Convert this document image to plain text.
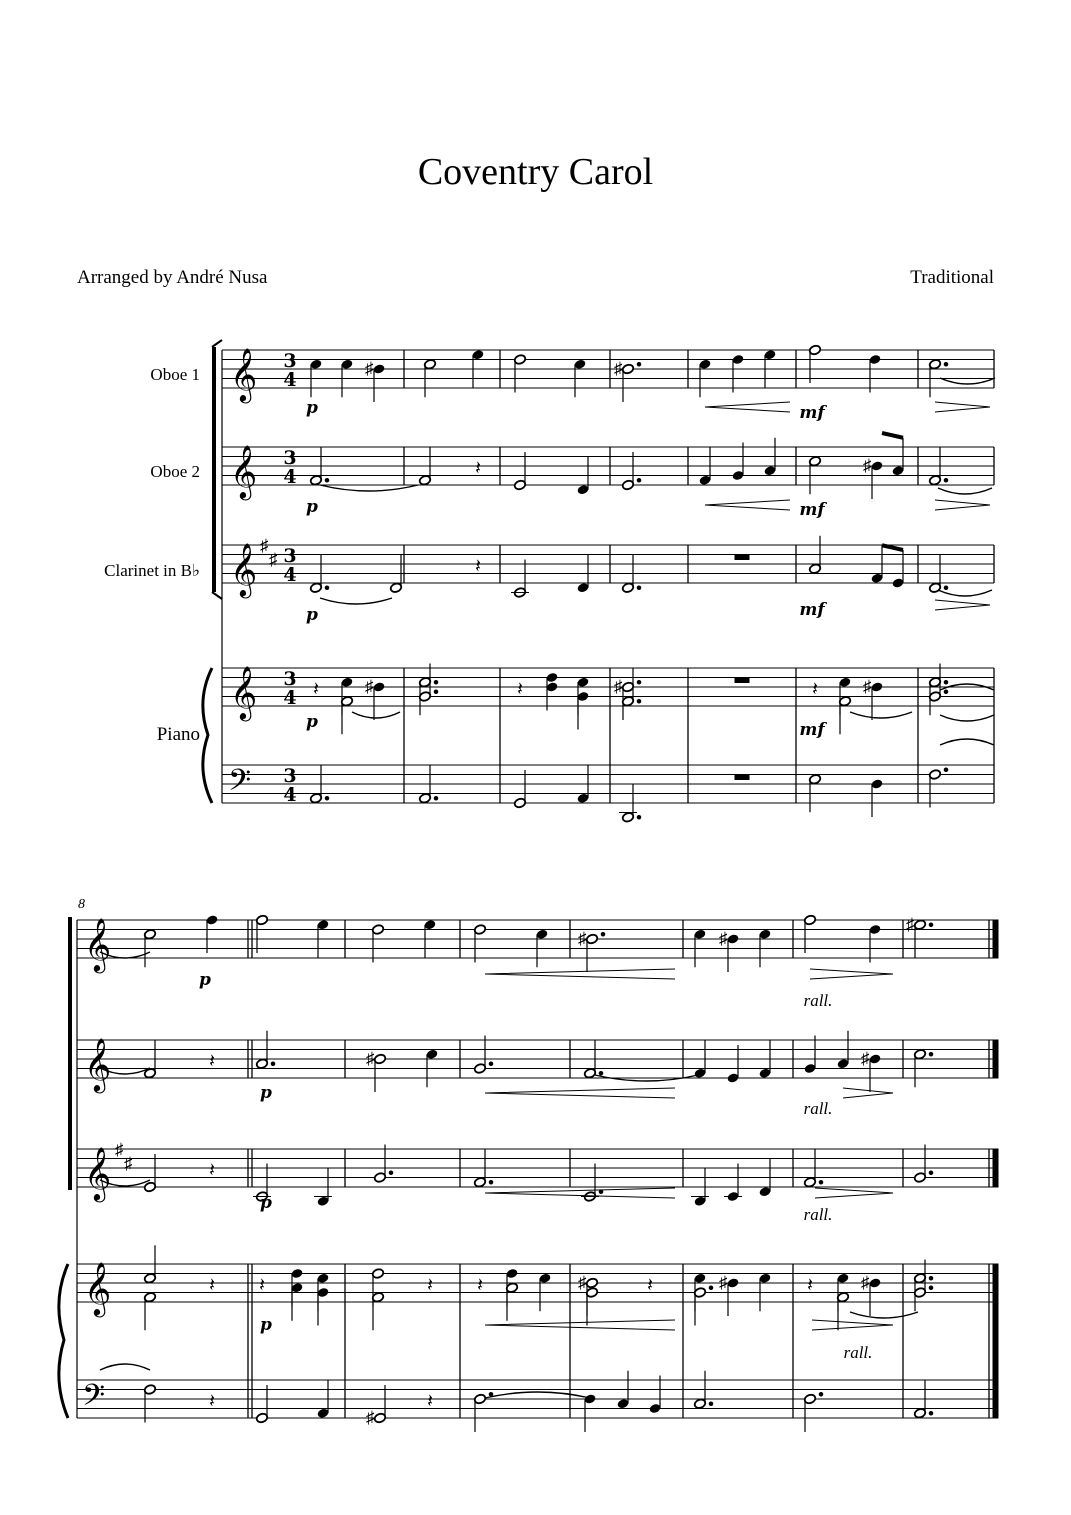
Coventry Carol
Arranged by André Nusa	Traditional
Oboe 1
Oboe 2
Clarinet in B♭
Piano
𝄞
𝄞
𝄞
𝄞
𝄢
♯
♯
3
4
3
4
3
4
3
4
3
4
♯	♯
p	mf
𝄽	♯
p	mf
𝄽
p	mf
𝄽	♯	𝄽	♯	𝄽	♯
p	mf
8
𝄞
𝄞
𝄞
𝄞
𝄢
♯
♯
♯	♯
♯
p
rall.
𝄽	♯	♯
p
rall.
𝄽
p
rall.
𝄽 𝄽	𝄽 𝄽	♯	𝄽	♯	𝄽	♯
p
rall.
𝄽
♯
𝄽
